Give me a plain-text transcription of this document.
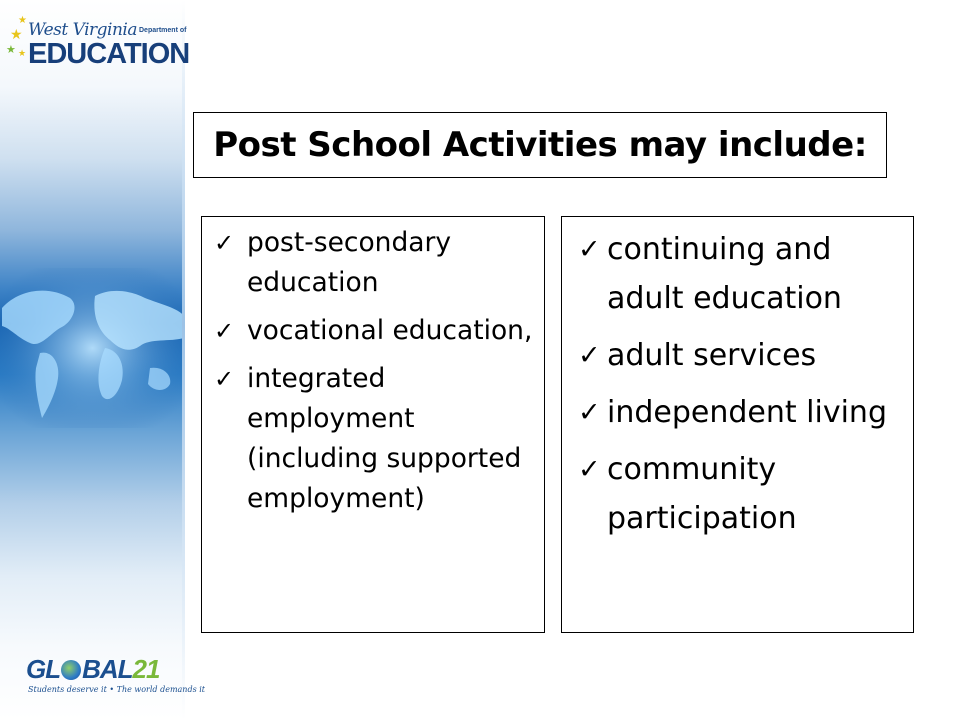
★
★
★ ★
West Virginia Department of
EDUCATION
GL BAL21
Students deserve it • The world demands it
Post School Activities may include:
✓ post-secondary education
✓ vocational education,
✓ integrated employment (including supported employment)
✓ continuing and adult education
✓ adult services
✓ independent living
✓ community participation
